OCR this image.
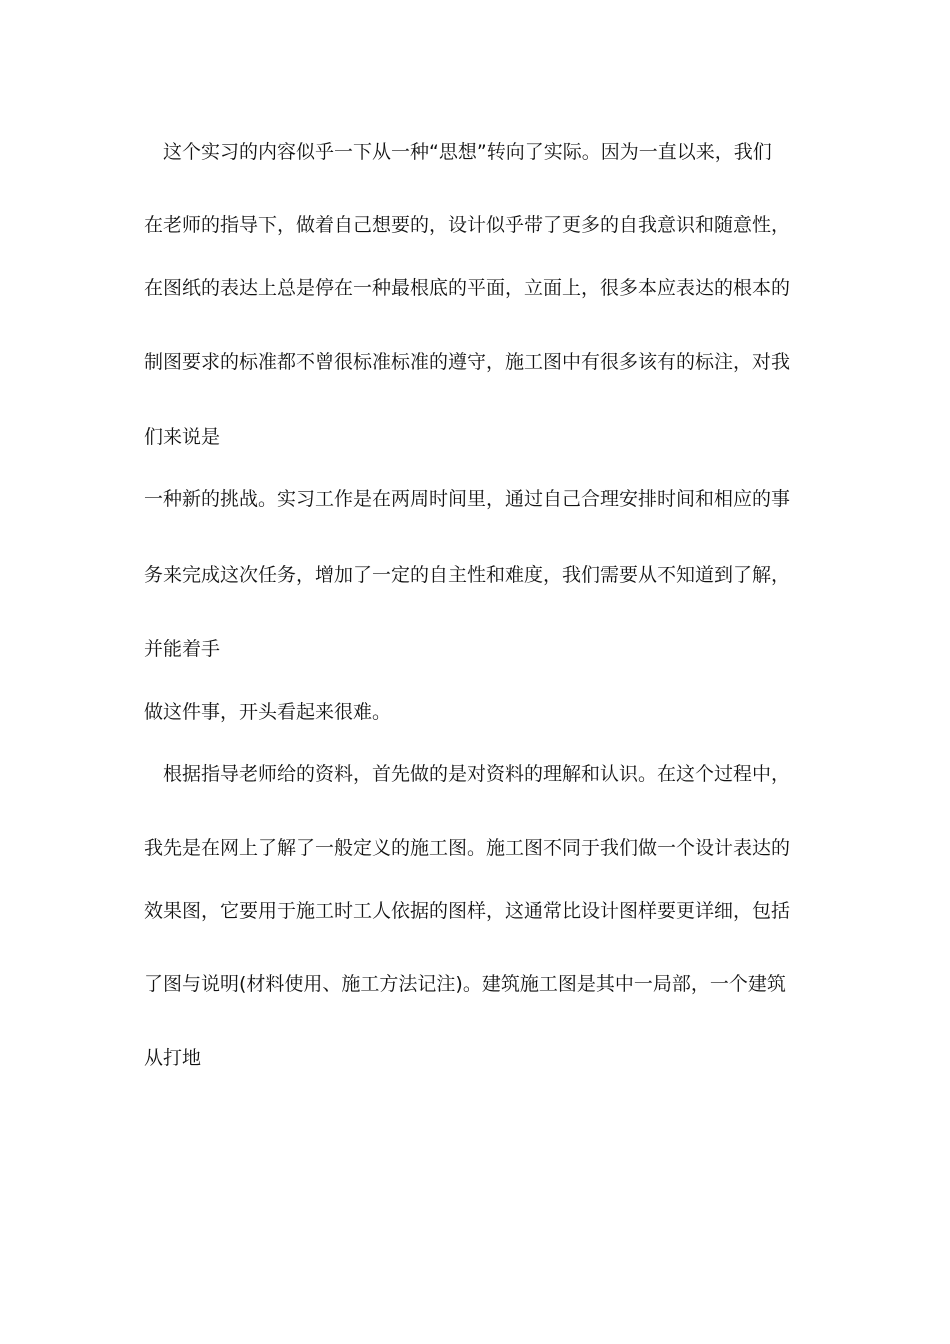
这个实习的内容似乎一下从一种“思想”转向了实际。因为一直以来，我们
在老师的指导下，做着自己想要的，设计似乎带了更多的自我意识和随意性，
在图纸的表达上总是停在一种最根底的平面，立面上，很多本应表达的根本的
制图要求的标准都不曾很标准标准的遵守，施工图中有很多该有的标注，对我
们来说是
一种新的挑战。实习工作是在两周时间里，通过自己合理安排时间和相应的事
务来完成这次任务，增加了一定的自主性和难度，我们需要从不知道到了解，
并能着手
做这件事，开头看起来很难。
根据指导老师给的资料，首先做的是对资料的理解和认识。在这个过程中，
我先是在网上了解了一般定义的施工图。施工图不同于我们做一个设计表达的
效果图，它要用于施工时工人依据的图样，这通常比设计图样要更详细，包括
了图与说明(材料使用、施工方法记注)。建筑施工图是其中一局部，一个建筑
从打地
